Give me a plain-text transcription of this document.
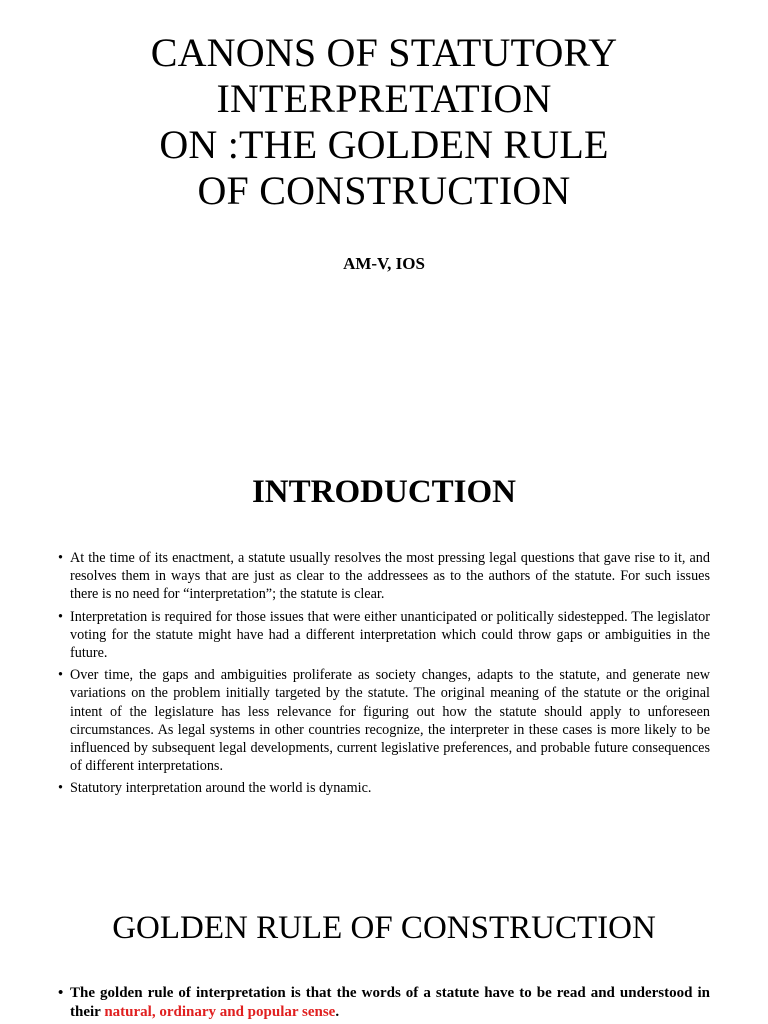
CANONS OF STATUTORY
INTERPRETATION
ON :THE GOLDEN RULE
OF CONSTRUCTION

AM-V, IOS

INTRODUCTION
• At the time of its enactment, a statute usually resolves the most pressing legal questions that gave rise to it, and resolves them in ways that are just as clear to the addressees as to the authors of the statute. For such issues there is no need for “interpretation”; the statute is clear.
• Interpretation is required for those issues that were either unanticipated or politically sidestepped. The legislator voting for the statute might have had a different interpretation which could throw gaps or ambiguities in the future.
• Over time, the gaps and ambiguities proliferate as society changes, adapts to the statute, and generate new variations on the problem initially targeted by the statute. The original meaning of the statute or the original intent of the legislature has less relevance for figuring out how the statute should apply to unforeseen circumstances. As legal systems in other countries recognize, the interpreter in these cases is more likely to be influenced by subsequent legal developments, current legislative preferences, and probable future consequences of different interpretations.
• Statutory interpretation around the world is dynamic.
GOLDEN RULE OF CONSTRUCTION
• The golden rule of interpretation is that the words of a statute have to be read and understood in their natural, ordinary and popular sense.
